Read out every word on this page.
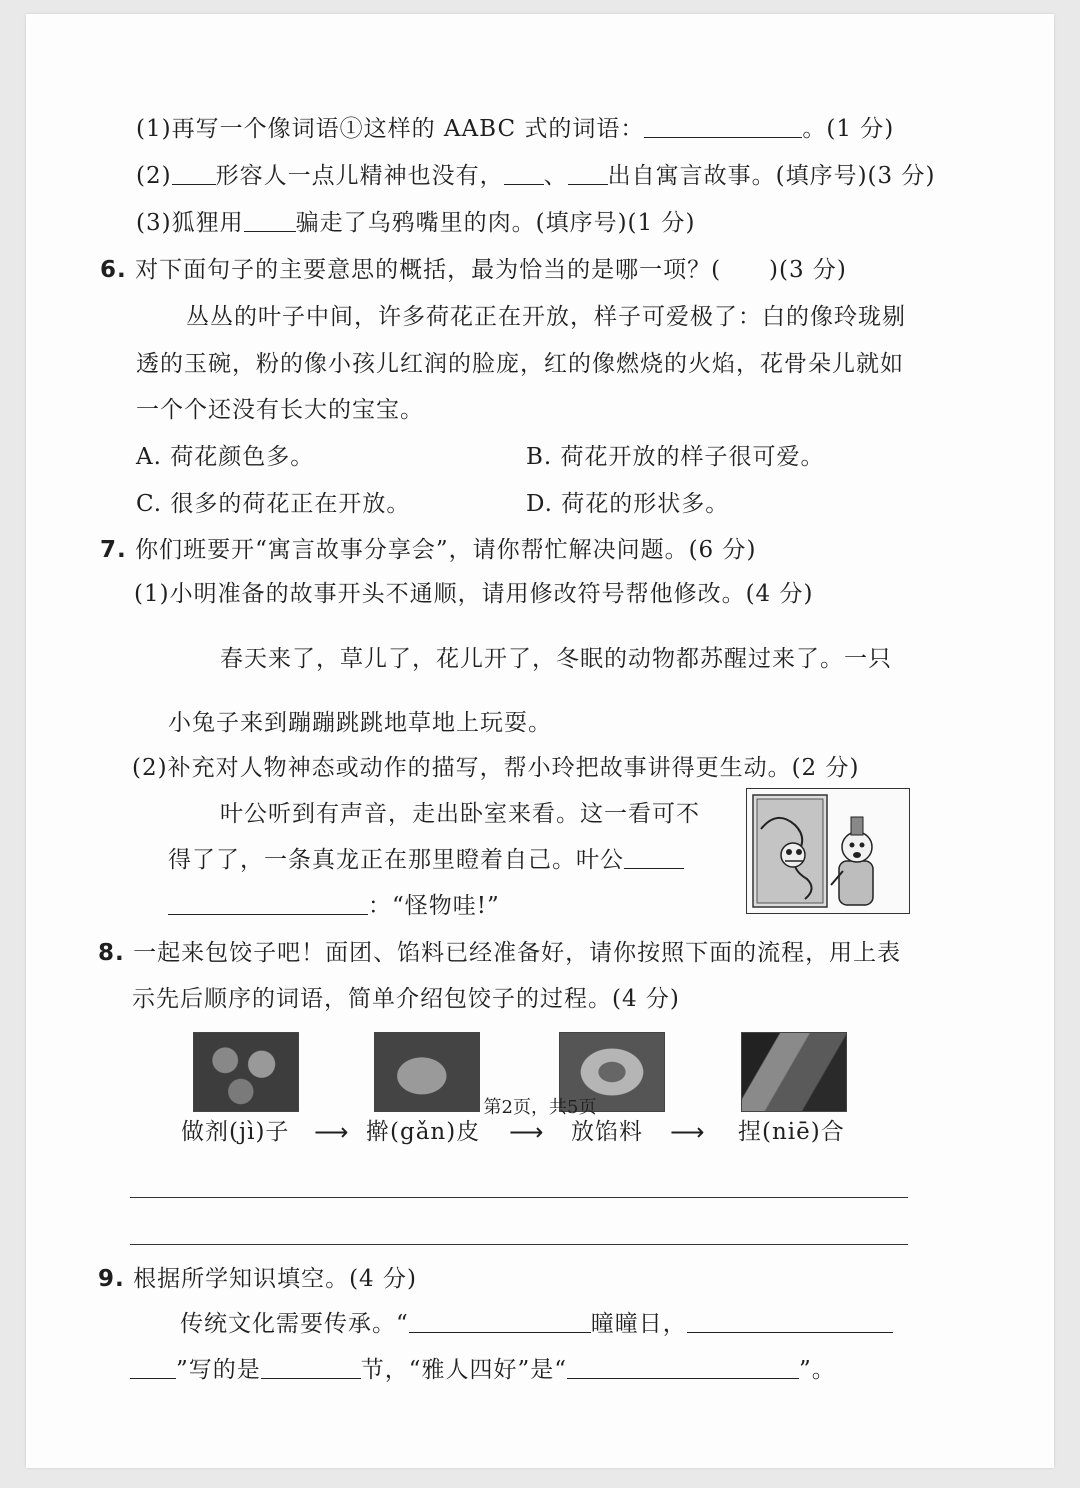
(1)再写一个像词语①这样的 AABC 式的词语：	。(1 分)
(2) 形容人一点儿精神也没有， 、 出自寓言故事。(填序号)(3 分)
(3)狐狸用 骗走了乌鸦嘴里的肉。(填序号)(1 分)
6. 对下面句子的主要意思的概括，最为恰当的是哪一项？(　　)(3 分)
丛丛的叶子中间，许多荷花正在开放，样子可爱极了：白的像玲珑剔
透的玉碗，粉的像小孩儿红润的脸庞，红的像燃烧的火焰，花骨朵儿就如
一个个还没有长大的宝宝。
A. 荷花颜色多。	B. 荷花开放的样子很可爱。
C. 很多的荷花正在开放。	D. 荷花的形状多。
7. 你们班要开“寓言故事分享会”，请你帮忙解决问题。(6 分)
(1)小明准备的故事开头不通顺，请用修改符号帮他修改。(4 分)
春天来了，草儿了，花儿开了，冬眠的动物都苏醒过来了。一只
小兔子来到蹦蹦跳跳地草地上玩耍。
(2)补充对人物神态或动作的描写，帮小玲把故事讲得更生动。(2 分)
叶公听到有声音，走出卧室来看。这一看可不
得了了，一条真龙正在那里瞪着自己。叶公
：“怪物哇!”
8. 一起来包饺子吧！面团、馅料已经准备好，请你按照下面的流程，用上表
示先后顺序的词语，简单介绍包饺子的过程。(4 分)
做剂(jì)子 ⟶ 擀(gǎn)皮 ⟶ 放馅料 ⟶ 捏(niē)合
9. 根据所学知识填空。(4 分)
传统文化需要传承。“	曈曈日，
”写的是	节，“雅人四好”是“	”。
第2页，共5页
